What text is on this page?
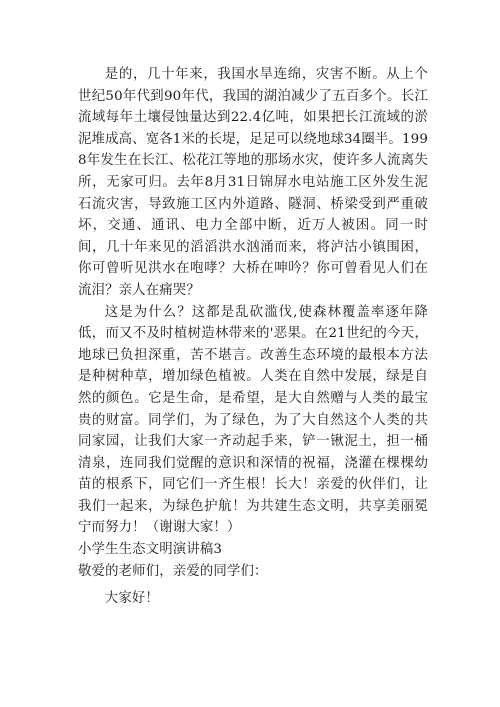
是的，几十年来，我国水旱连绵，灾害不断。从上个世纪50年代到90年代，我国的湖泊减少了五百多个。长江流域每年土壤侵蚀量达到22.4亿吨，如果把长江流域的淤泥堆成高、宽各1米的长堤，足足可以绕地球34圈半。1998年发生在长江、松花江等地的那场水灾，使许多人流离失所，无家可归。去年8月31日锦屏水电站施工区外发生泥石流灾害，导致施工区内外道路、隧洞、桥梁受到严重破坏，交通、通讯、电力全部中断，近万人被困。同一时间，几十年来见的滔滔洪水汹涌而来，将泸沽小镇围困，你可曾听见洪水在咆哮？大桥在呻吟？你可曾看见人们在流泪？亲人在痛哭？

这是为什么？这都是乱砍滥伐,使森林覆盖率逐年降低，而又不及时植树造林带来的'恶果。在21世纪的今天，地球已负担深重，苦不堪言。改善生态环境的最根本方法是种树种草，增加绿色植被。人类在自然中发展，绿是自然的颜色。它是生命，是希望，是大自然赠与人类的最宝贵的财富。同学们，为了绿色，为了大自然这个人类的共同家园，让我们大家一齐动起手来，铲一锹泥土，担一桶清泉，连同我们觉醒的意识和深情的祝福，浇灌在棵棵幼苗的根系下，同它们一齐生根！长大！亲爱的伙伴们，让我们一起来，为绿色护航！为共建生态文明，共享美丽冕宁而努力！（谢谢大家！）

小学生生态文明演讲稿3

敬爱的老师们，亲爱的同学们：

大家好！
